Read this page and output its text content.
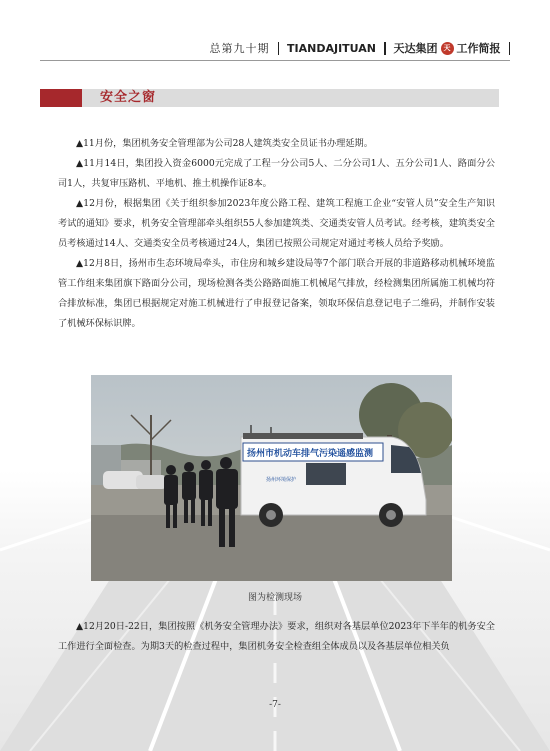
总第九十期 TIANDAJITUAN 天达集团 天 工作简报
安全之窗

▲11月份，集团机务安全管理部为公司28人建筑类安全员证书办理延期。

▲11月14日，集团投入资金6000元完成了工程一分公司5人、二分公司1人、五分公司1人、路面分公司1人，共复审压路机、平地机、推土机操作证8本。

▲12月份，根据集团《关于组织参加2023年度公路工程、建筑工程施工企业“安管人员”安全生产知识考试的通知》要求，机务安全管理部牵头组织55人参加建筑类、交通类安管人员考试。经考核，建筑类安全员考核通过14人、交通类安全员考核通过24人，集团已按照公司规定对通过考核人员给予奖励。

▲12月8日，扬州市生态环境局牵头，市住房和城乡建设局等7个部门联合开展的非道路移动机械环境监管工作组来集团旗下路面分公司，现场检测各类公路路面施工机械尾气排放，经检测集团所属施工机械均符合排放标准，集团已根据规定对施工机械进行了申报登记备案，领取环保信息登记电子二维码，并制作安装了机械环保标识牌。

扬州市机动车排气污染遥感监测
扬州环境保护
图为检测现场

▲12月20日-22日，集团按照《机务安全管理办法》要求，组织对各基层单位2023年下半年的机务安全工作进行全面检查。为期3天的检查过程中，集团机务安全检查组全体成员以及各基层单位相关负

-7-
